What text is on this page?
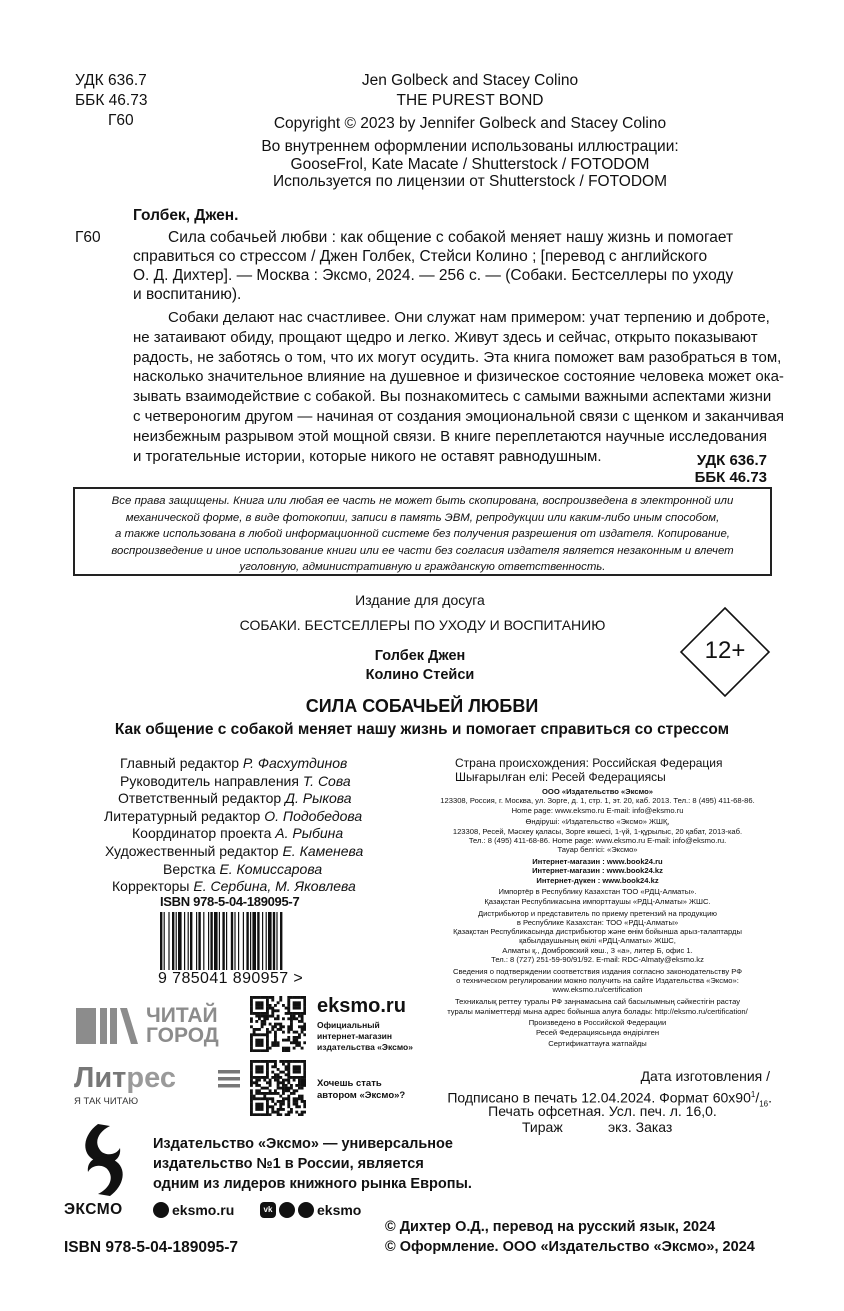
УДК 636.7
ББК 46.73
Г60
Jen Golbeck and Stacey Colino
THE PUREST BOND
Copyright © 2023 by Jennifer Golbeck and Stacey Colino
Во внутреннем оформлении использованы иллюстрации:
GooseFrol, Kate Macate / Shutterstock / FOTODOM
Используется по лицензии от Shutterstock / FOTODOM
Голбек, Джен.
Г60	Сила собачьей любви : как общение с собакой меняет нашу жизнь и помогает
справиться со стрессом / Джен Голбек, Стейси Колино ; [перевод с английского
О. Д. Дихтер]. — Москва : Эксмо, 2024. — 256 с. — (Собаки. Бестселлеры по уходу
и воспитанию).
Собаки делают нас счастливее. Они служат нам примером: учат терпению и доброте,
не затаивают обиду, прощают щедро и легко. Живут здесь и сейчас, открыто показывают
радость, не заботясь о том, что их могут осудить. Эта книга поможет вам разобраться в том,
насколько значительное влияние на душевное и физическое состояние человека может ока-
зывать взаимодействие с собакой. Вы познакомитесь с самыми важными аспектами жизни
с четвероногим другом — начиная от создания эмоциональной связи с щенком и заканчивая
неизбежным разрывом этой мощной связи. В книге переплетаются научные исследования
и трогательные истории, которые никого не оставят равнодушным.	УДК 636.7
ББК 46.73

Все права защищены. Книга или любая ее часть не может быть скопирована, воспроизведена в электронной или

механической форме, в виде фотокопии, записи в память ЭВМ, репродукции или каким-либо иным способом,

а также использована в любой информационной системе без получения разрешения от издателя. Копирование,

воспроизведение и иное использование книги или ее части без согласия издателя является незаконным и влечет

уголовную, административную и гражданскую ответственность.

Издание для досуга
СОБАКИ. БЕСТСЕЛЛЕРЫ ПО УХОДУ И ВОСПИТАНИЮ
Голбек Джен
Колино Стейси
12+
СИЛА СОБАЧЬЕЙ ЛЮБВИ
Как общение с собакой меняет нашу жизнь и помогает справиться со стрессом
Главный редактор Р. Фасхутдинов
Руководитель направления Т. Сова
Ответственный редактор Д. Рыкова
Литературный редактор О. Подобедова
Координатор проекта А. Рыбина
Художественный редактор Е. Каменева
Верстка Е. Комиссарова
Корректоры Е. Сербина, М. Яковлева
ISBN 978-5-04-189095-7
9 785041 890957 >
Страна происхождения: Российская Федерация
Шығарылған елі: Ресей Федерациясы
ООО «Издательство «Эксмо»
123308, Россия, г. Москва, ул. Зорге, д. 1, стр. 1, эт. 20, каб. 2013. Тел.: 8 (495) 411-68-86.
Home page: www.eksmo.ru E-mail: info@eksmo.ru
Өндіруші: «Издательство «Эксмо» ЖШҚ,
123308, Ресей, Мәскеу қаласы, Зорге көшесі, 1-үй, 1-құрылыс, 20 қабат, 2013-каб.
Тел.: 8 (495) 411-68-86. Home page: www.eksmo.ru E-mail: info@eksmo.ru.
Тауар белгісі: «Эксмо»
Интернет-магазин : www.book24.ru
Интернет-магазин : www.book24.kz
Интернет-дүкен : www.book24.kz
Импортёр в Республику Казахстан ТОО «РДЦ-Алматы».
Қазақстан Республикасына импорттаушы «РДЦ-Алматы» ЖШС.
Дистрибьютор и представитель по приему претензий на продукцию
в Республике Казахстан: ТОО «РДЦ-Алматы»
Қазақстан Республикасында дистрибьютор және өнім бойынша арыз-талаптарды
қабылдаушының өкілі «РДЦ-Алматы» ЖШС,
Алматы қ., Домбровский көш., 3 «а», литер Б, офис 1.
Тел.: 8 (727) 251-59-90/91/92. E-mail: RDC-Almaty@eksmo.kz
Сведения о подтверждении соответствия издания согласно законодательству РФ
о техническом регулировании можно получить на сайте Издательства «Эксмо»:
www.eksmo.ru/certification
Техникалық реттеу туралы РФ заңнамасына сай басылымның сәйкестігін растау
туралы мәліметтерді мына адрес бойынша алуға болады: http://eksmo.ru/certification/
Произведено в Российской Федерации
Ресей Федерациясында өндірілген
Сертификаттауға жатпайды
Дата изготовления /
Подписано в печать 12.04.2024. Формат $60x90^1/_{16}$.
Печать офсетная. Усл. печ. л. 16,0.
Тираж	экз. Заказ
ЧИТАЙ
ГОРОД
Литрес
Я ТАК ЧИТАЮ
eksmo.ru
Официальный
интернет-магазин
издательства «Эксмо»
Хочешь стать
автором «Эксмо»?
ЭКСМО
Издательство «Эксмо» — универсальное
издательство №1 в России, является
одним из лидеров книжного рынка Европы.
eksmo.ru	vk	eksmo
ISBN 978-5-04-189095-7
© Дихтер О.Д., перевод на русский язык, 2024
© Оформление. ООО «Издательство «Эксмо», 2024
